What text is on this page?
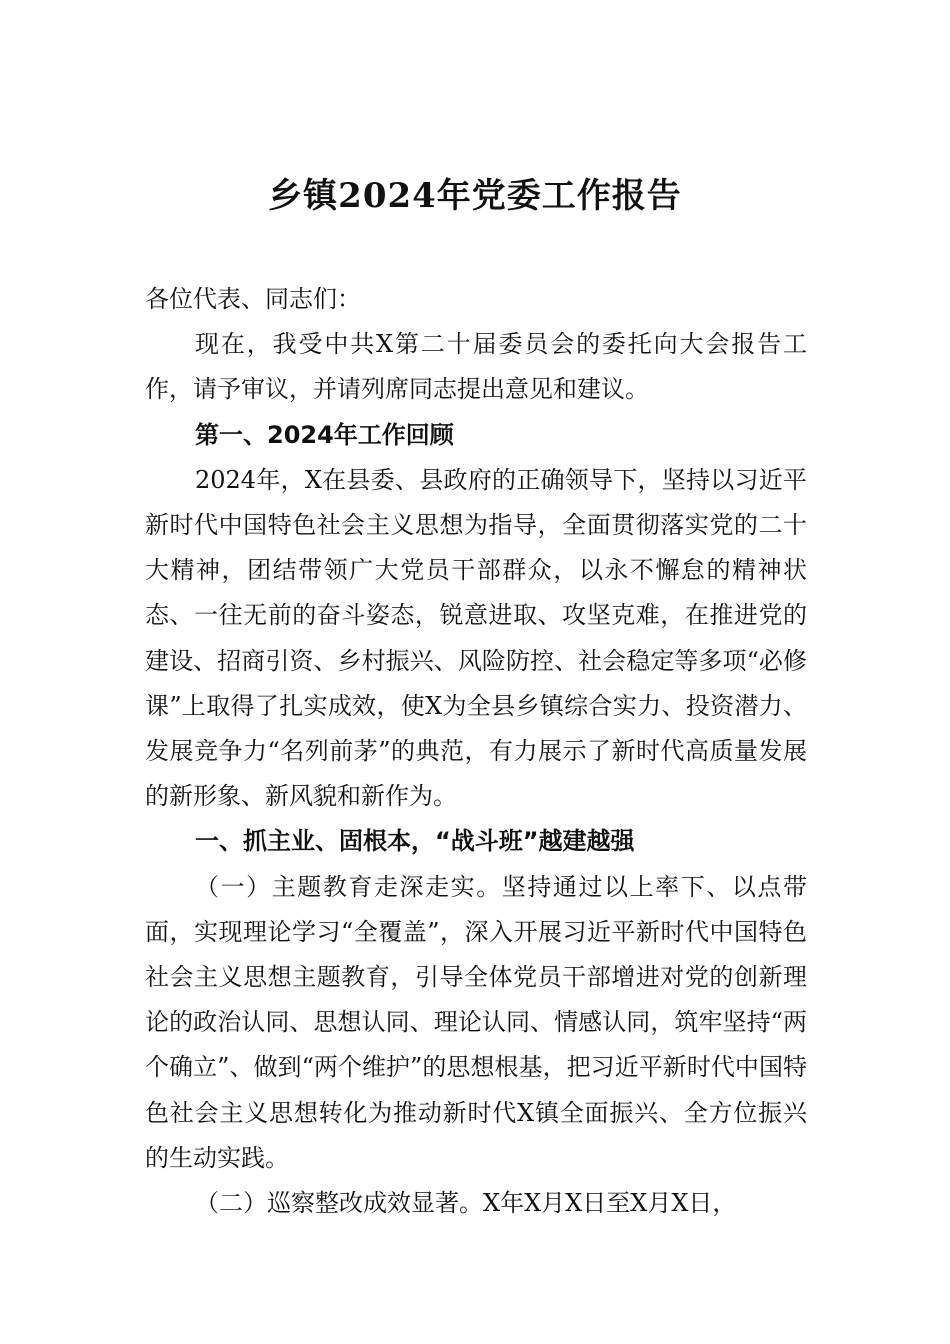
乡镇2024年党委工作报告

各位代表、同志们：

现在，我受中共X第二十届委员会的委托向大会报告工作，请予审议，并请列席同志提出意见和建议。

第一、2024年工作回顾

2024年，X在县委、县政府的正确领导下，坚持以习近平新时代中国特色社会主义思想为指导，全面贯彻落实党的二十大精神，团结带领广大党员干部群众，以永不懈怠的精神状态、一往无前的奋斗姿态，锐意进取、攻坚克难，在推进党的建设、招商引资、乡村振兴、风险防控、社会稳定等多项“必修课”上取得了扎实成效，使X为全县乡镇综合实力、投资潜力、发展竞争力“名列前茅”的典范，有力展示了新时代高质量发展的新形象、新风貌和新作为。

一、抓主业、固根本，“战斗班”越建越强

（一）主题教育走深走实。坚持通过以上率下、以点带面，实现理论学习“全覆盖”，深入开展习近平新时代中国特色社会主义思想主题教育，引导全体党员干部增进对党的创新理论的政治认同、思想认同、理论认同、情感认同，筑牢坚持“两个确立”、做到“两个维护”的思想根基，把习近平新时代中国特色社会主义思想转化为推动新时代X镇全面振兴、全方位振兴的生动实践。

（二）巡察整改成效显著。X年X月X日至X月X日，
